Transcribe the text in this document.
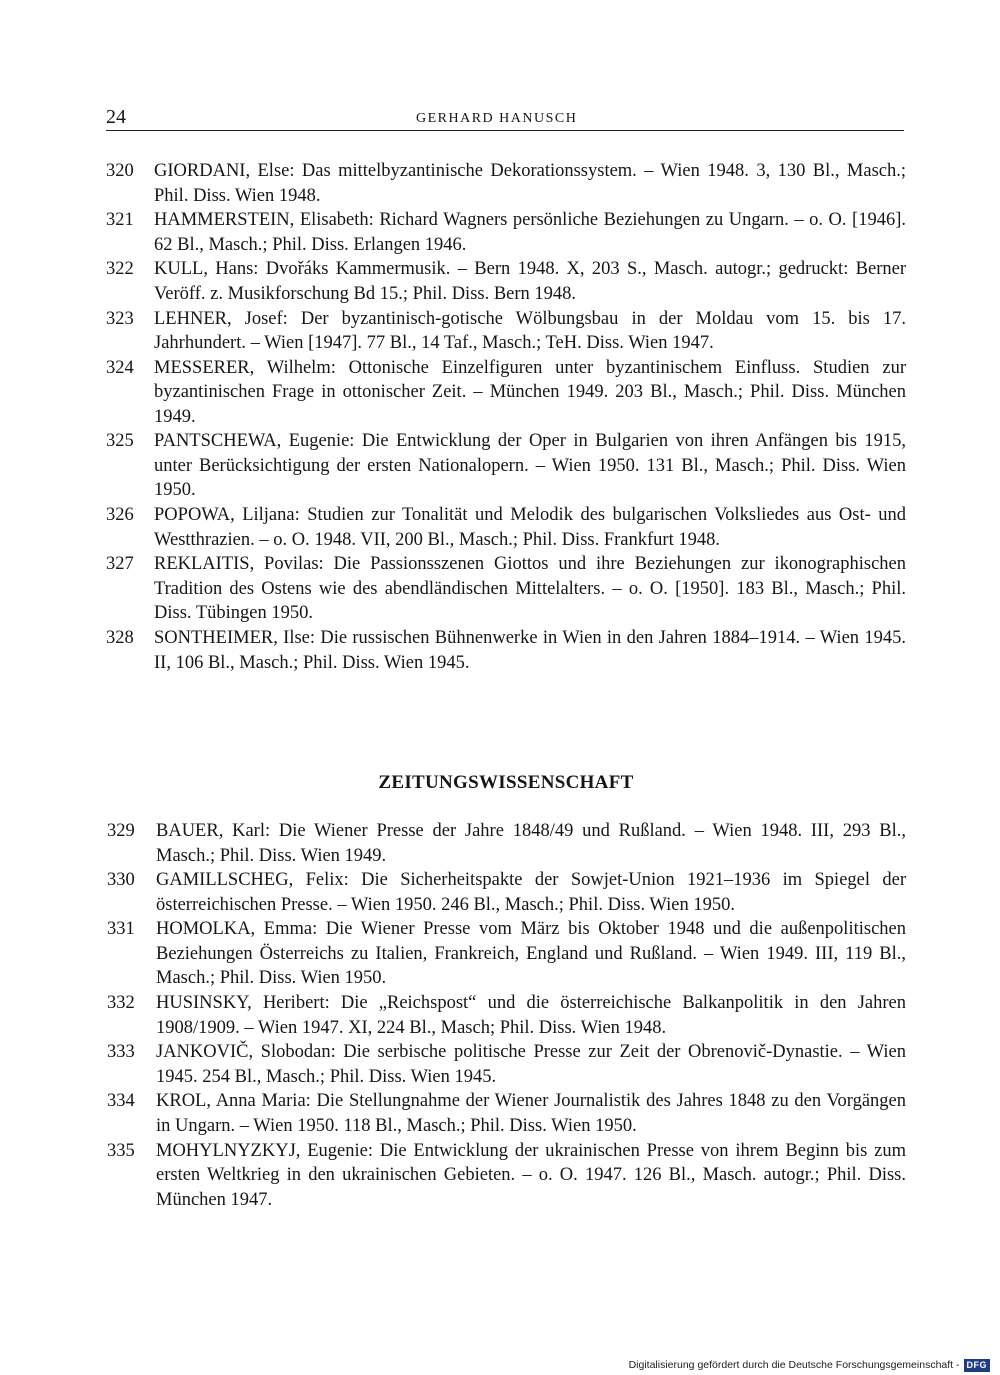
24	GERHARD HANUSCH
320 GIORDANI, Else: Das mittelbyzantinische Dekorationssystem. – Wien 1948. 3, 130 Bl., Masch.; Phil. Diss. Wien 1948.
321 HAMMERSTEIN, Elisabeth: Richard Wagners persönliche Beziehungen zu Ungarn. – o. O. [1946]. 62 Bl., Masch.; Phil. Diss. Erlangen 1946.
322 KULL, Hans: Dvořáks Kammermusik. – Bern 1948. X, 203 S., Masch. autogr.; gedruckt: Berner Veröff. z. Musikforschung Bd 15.; Phil. Diss. Bern 1948.
323 LEHNER, Josef: Der byzantinisch-gotische Wölbungsbau in der Moldau vom 15. bis 17. Jahrhundert. – Wien [1947]. 77 Bl., 14 Taf., Masch.; TeH. Diss. Wien 1947.
324 MESSERER, Wilhelm: Ottonische Einzelfiguren unter byzantinischem Einfluss. Studien zur byzantinischen Frage in ottonischer Zeit. – München 1949. 203 Bl., Masch.; Phil. Diss. München 1949.
325 PANTSCHEWA, Eugenie: Die Entwicklung der Oper in Bulgarien von ihren Anfängen bis 1915, unter Berücksichtigung der ersten Nationalopern. – Wien 1950. 131 Bl., Masch.; Phil. Diss. Wien 1950.
326 POPOWA, Liljana: Studien zur Tonalität und Melodik des bulgarischen Volksliedes aus Ost- und Westthrazien. – o. O. 1948. VII, 200 Bl., Masch.; Phil. Diss. Frankfurt 1948.
327 REKLAITIS, Povilas: Die Passionsszenen Giottos und ihre Beziehungen zur ikonographischen Tradition des Ostens wie des abendländischen Mittelalters. – o. O. [1950]. 183 Bl., Masch.; Phil. Diss. Tübingen 1950.
328 SONTHEIMER, Ilse: Die russischen Bühnenwerke in Wien in den Jahren 1884–1914. – Wien 1945. II, 106 Bl., Masch.; Phil. Diss. Wien 1945.
ZEITUNGSWISSENSCHAFT
329 BAUER, Karl: Die Wiener Presse der Jahre 1848/49 und Rußland. – Wien 1948. III, 293 Bl., Masch.; Phil. Diss. Wien 1949.
330 GAMILLSCHEG, Felix: Die Sicherheitspakte der Sowjet-Union 1921–1936 im Spiegel der österreichischen Presse. – Wien 1950. 246 Bl., Masch.; Phil. Diss. Wien 1950.
331 HOMOLKA, Emma: Die Wiener Presse vom März bis Oktober 1948 und die außenpolitischen Beziehungen Österreichs zu Italien, Frankreich, England und Rußland. – Wien 1949. III, 119 Bl., Masch.; Phil. Diss. Wien 1950.
332 HUSINSKY, Heribert: Die „Reichspost“ und die österreichische Balkanpolitik in den Jahren 1908/1909. – Wien 1947. XI, 224 Bl., Masch; Phil. Diss. Wien 1948.
333 JANKOVIČ, Slobodan: Die serbische politische Presse zur Zeit der Obrenovič-Dynastie. – Wien 1945. 254 Bl., Masch.; Phil. Diss. Wien 1945.
334 KROL, Anna Maria: Die Stellungnahme der Wiener Journalistik des Jahres 1848 zu den Vorgängen in Ungarn. – Wien 1950. 118 Bl., Masch.; Phil. Diss. Wien 1950.
335 MOHYLNYZKYJ, Eugenie: Die Entwicklung der ukrainischen Presse von ihrem Beginn bis zum ersten Weltkrieg in den ukrainischen Gebieten. – o. O. 1947. 126 Bl., Masch. autogr.; Phil. Diss. München 1947.
Digitalisierung gefördert durch die Deutsche Forschungsgemeinschaft - DFG
